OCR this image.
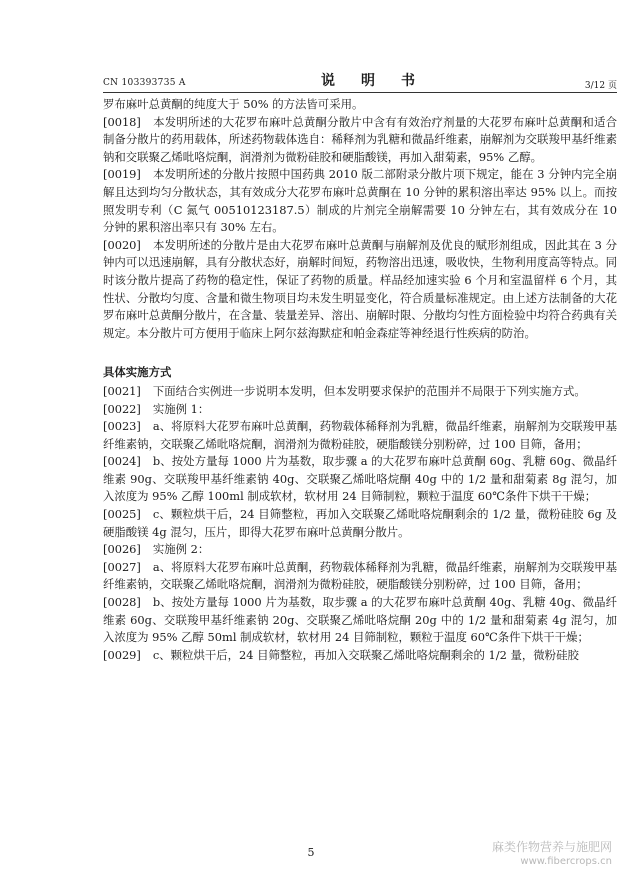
CN 103393735 A	说　明　书	3/12 页

罗布麻叶总黄酮的纯度大于 50% 的方法皆可采用。

[0018] 本发明所述的大花罗布麻叶总黄酮分散片中含有有效治疗剂量的大花罗布麻叶总黄酮和适合制备分散片的药用载体，所述药物载体选自：稀释剂为乳糖和微晶纤维素，崩解剂为交联羧甲基纤维素钠和交联聚乙烯吡咯烷酮，润滑剂为微粉硅胶和硬脂酸镁，再加入甜菊素，95% 乙醇。

[0019] 本发明所述的分散片按照中国药典 2010 版二部附录分散片项下规定，能在 3 分钟内完全崩解且达到均匀分散状态，其有效成分大花罗布麻叶总黄酮在 10 分钟的累积溶出率达 95% 以上。而按照发明专利（C 氮气 00510123187.5）制成的片剂完全崩解需要 10 分钟左右，其有效成分在 10 分钟的累积溶出率只有 30% 左右。

[0020] 本发明所述的分散片是由大花罗布麻叶总黄酮与崩解剂及优良的赋形剂组成，因此其在 3 分钟内可以迅速崩解，具有分散状态好，崩解时间短，药物溶出迅速，吸收快，生物利用度高等特点。同时该分散片提高了药物的稳定性，保证了药物的质量。样品经加速实验 6 个月和室温留样 6 个月，其性状、分散均匀度、含量和微生物项目均未发生明显变化，符合质量标准规定。由上述方法制备的大花罗布麻叶总黄酮分散片，在含量、装量差异、溶出、崩解时限、分散均匀性方面检验中均符合药典有关规定。本分散片可方便用于临床上阿尔兹海默症和帕金森症等神经退行性疾病的防治。

具体实施方式

[0021] 下面结合实例进一步说明本发明，但本发明要求保护的范围并不局限于下列实施方式。

[0022] 实施例 1：

[0023] a、将原料大花罗布麻叶总黄酮，药物载体稀释剂为乳糖，微晶纤维素，崩解剂为交联羧甲基纤维素钠，交联聚乙烯吡咯烷酮，润滑剂为微粉硅胶，硬脂酸镁分别粉碎，过 100 目筛，备用；

[0024] b、按处方量每 1000 片为基数，取步骤 a 的大花罗布麻叶总黄酮 60g、乳糖 60g、微晶纤维素 90g、交联羧甲基纤维素钠 40g、交联聚乙烯吡咯烷酮 40g 中的 1/2 量和甜菊素 8g 混匀，加入浓度为 95% 乙醇 100ml 制成软材，软材用 24 目筛制粒，颗粒于温度 60℃条件下烘干干燥；

[0025] c、颗粒烘干后，24 目筛整粒，再加入交联聚乙烯吡咯烷酮剩余的 1/2 量，微粉硅胶 6g 及硬脂酸镁 4g 混匀，压片，即得大花罗布麻叶总黄酮分散片。

[0026] 实施例 2：

[0027] a、将原料大花罗布麻叶总黄酮，药物载体稀释剂为乳糖，微晶纤维素，崩解剂为交联羧甲基纤维素钠，交联聚乙烯吡咯烷酮，润滑剂为微粉硅胶，硬脂酸镁分别粉碎，过 100 目筛，备用；

[0028] b、按处方量每 1000 片为基数，取步骤 a 的大花罗布麻叶总黄酮 40g、乳糖 40g、微晶纤维素 60g、交联羧甲基纤维素钠 20g、交联聚乙烯吡咯烷酮 20g 中的 1/2 量和甜菊素 4g 混匀，加入浓度为 95% 乙醇 50ml 制成软材，软材用 24 目筛制粒，颗粒于温度 60℃条件下烘干干燥；

[0029] c、颗粒烘干后，24 目筛整粒，再加入交联聚乙烯吡咯烷酮剩余的 1/2 量，微粉硅胶

5	麻类作物营养与施肥网
www.fibercrops.cn
